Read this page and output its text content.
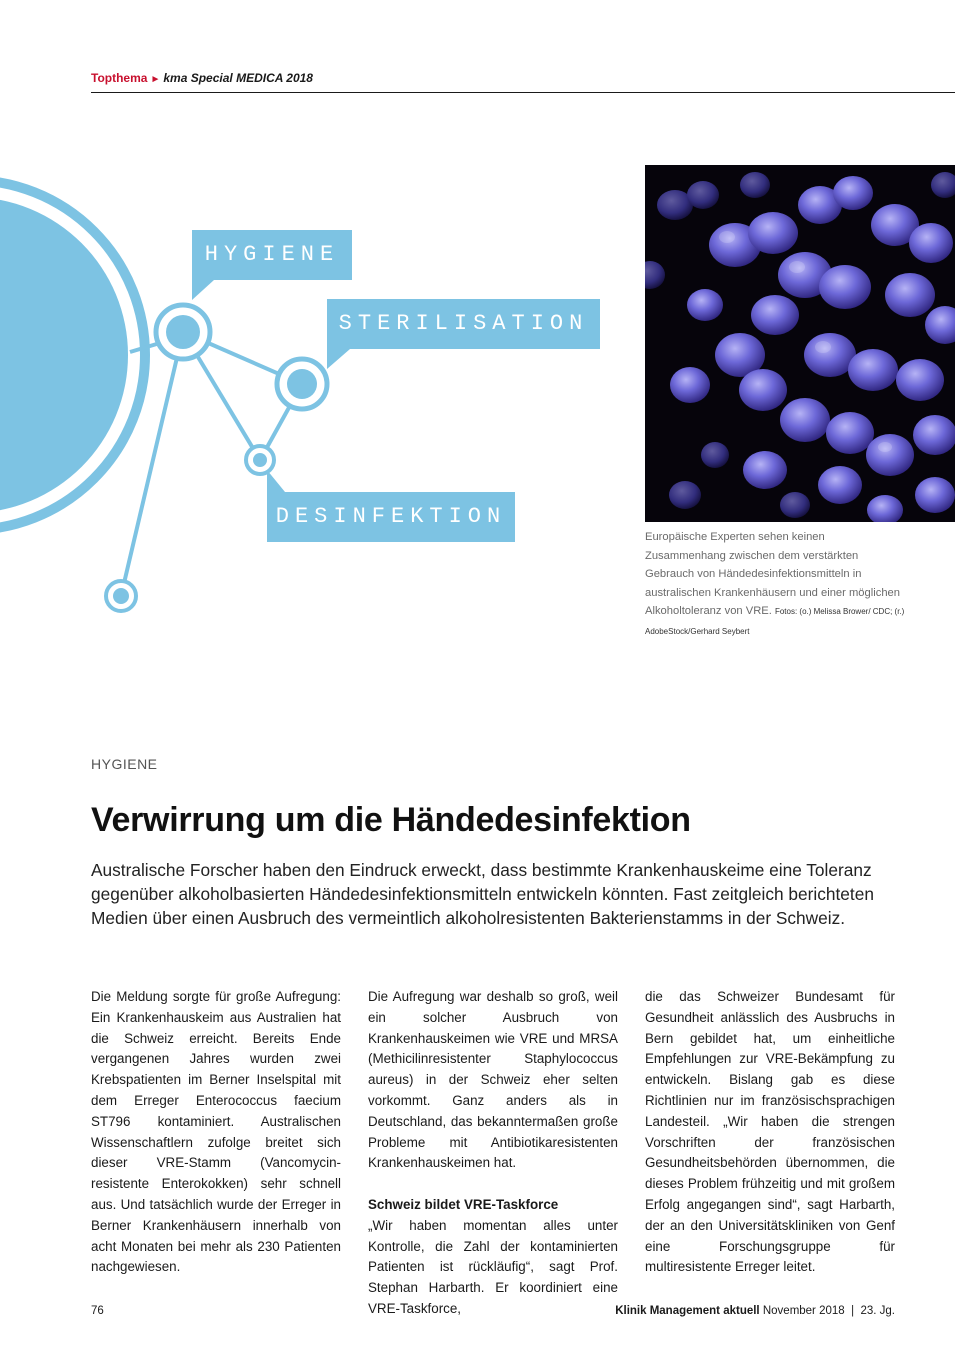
Topthema ► kma Special MEDICA 2018
HYGIENE
STERILISATION
DESINFEKTION
Europäische Experten sehen keinen Zusammenhang zwischen dem verstärkten Gebrauch von Händedesinfektionsmitteln in australischen Krankenhäusern und einer möglichen Alkoholtoleranz von VRE. Fotos: (o.) Melissa Brower/ CDC; (r.) AdobeStock/Gerhard Seybert
HYGIENE
Verwirrung um die Händedesinfektion
Australische Forscher haben den Eindruck erweckt, dass bestimmte Krankenhauskeime eine Toleranz gegenüber alkoholbasierten Händedesinfektionsmitteln entwickeln könnten. Fast zeitgleich berichteten Medien über einen Ausbruch des vermeintlich alkoholresistenten Bakterienstamms in der Schweiz.

Die Meldung sorgte für große Aufregung: Ein Krankenhauskeim aus Australien hat die Schweiz erreicht. Bereits Ende vergangenen Jahres wurden zwei Krebspatienten im Berner Inselspital mit dem Erreger Enterococcus faecium ST796 kontaminiert. Australischen Wissenschaftlern zufolge breitet sich dieser VRE-Stamm (Vancomycin-resistente Enterokokken) sehr schnell aus. Und tatsächlich wurde der Erreger in Berner Krankenhäusern innerhalb von acht Monaten bei mehr als 230 Patienten nachgewiesen.

Die Aufregung war deshalb so groß, weil ein solcher Ausbruch von Krankenhauskeimen wie VRE und MRSA (Methicilinresistenter Staphylococcus aureus) in der Schweiz eher selten vorkommt. Ganz anders als in Deutschland, das bekanntermaßen große Probleme mit Antibiotikaresistenten Krankenhauskeimen hat.

Schweiz bildet VRE-Taskforce

„Wir haben momentan alles unter Kontrolle, die Zahl der kontaminierten Patienten ist rückläufig“, sagt Prof. Stephan Harbarth. Er koordiniert eine VRE-Taskforce,

die das Schweizer Bundesamt für Gesundheit anlässlich des Ausbruchs in Bern gebildet hat, um einheitliche Empfehlungen zur VRE-Bekämpfung zu entwickeln. Bislang gab es diese Richtlinien nur im französischsprachigen Landesteil. „Wir haben die strengen Vorschriften der französischen Gesundheitsbehörden übernommen, die dieses Problem frühzeitig und mit großem Erfolg angegangen sind“, sagt Harbarth, der an den Universitätskliniken von Genf eine Forschungsgruppe für multiresistente Erreger leitet.

76	Klinik Management aktuell November 2018  |  23. Jg.
